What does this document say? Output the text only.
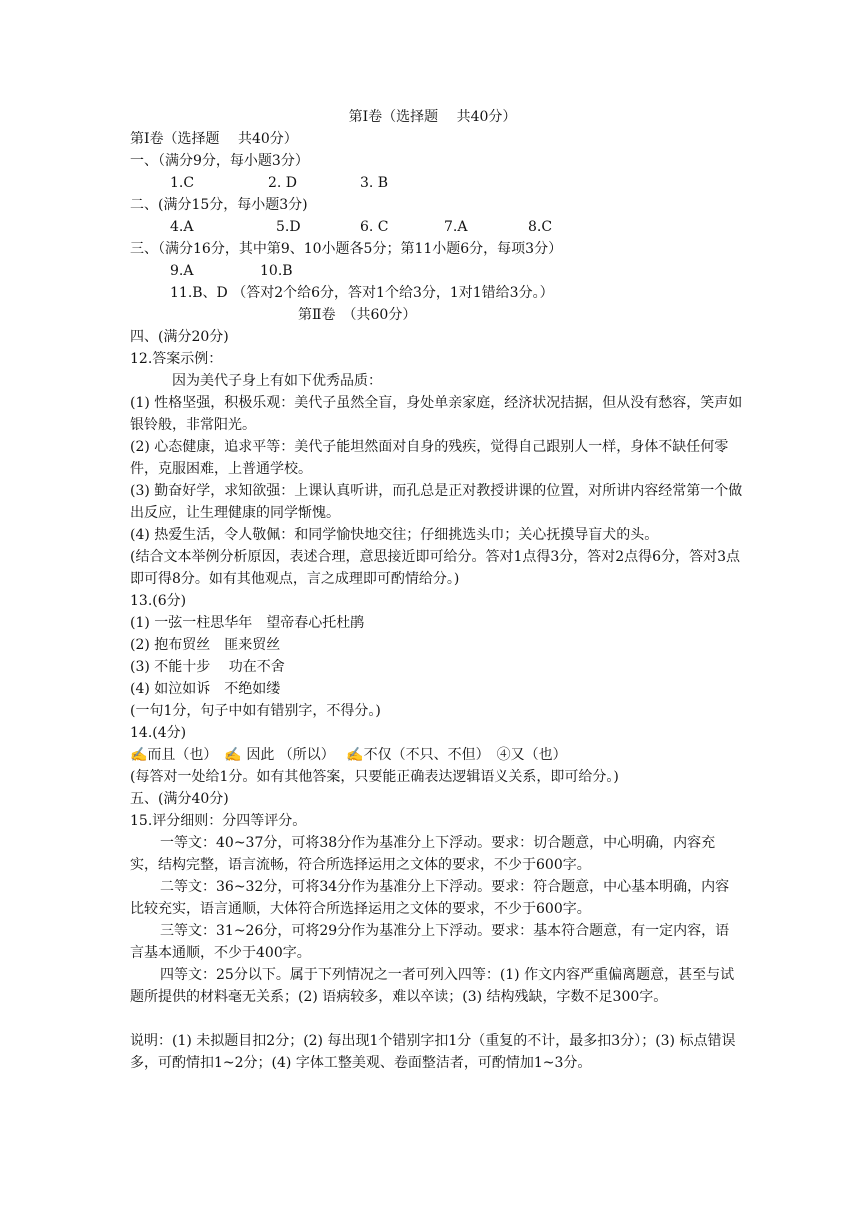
第Ⅰ卷（选择题　 共40分）
第Ⅰ卷（选择题　 共40分）
一、（满分9分，每小题3分）
1.C	2. D	3. B
二、(满分15分，每小题3分)
4.A	5.D	6. C	7.A	8.C
三、（满分16分，其中第9、10小题各5分；第11小题6分，每项3分）
9.A	10.B
11.B、D （答对2个给6分，答对1个给3分，1对1错给3分。）
第Ⅱ卷　（共60分）
四、(满分20分)
12.答案示例：
因为美代子身上有如下优秀品质：
(1) 性格坚强，积极乐观：美代子虽然全盲，身处单亲家庭，经济状况拮据，但从没有愁容，笑声如银铃般，非常阳光。
(2) 心态健康，追求平等：美代子能坦然面对自身的残疾，觉得自己跟别人一样，身体不缺任何零件，克服困难，上普通学校。
(3) 勤奋好学，求知欲强：上课认真听讲，而孔总是正对教授讲课的位置，对所讲内容经常第一个做出反应，让生理健康的同学惭愧。
(4) 热爱生活，令人敬佩：和同学愉快地交往；仔细挑选头巾；关心抚摸导盲犬的头。
(结合文本举例分析原因，表述合理，意思接近即可给分。答对1点得3分，答对2点得6分，答对3点即可得8分。如有其他观点，言之成理即可酌情给分。)
13.(6分)
(1) 一弦一柱思华年　望帝春心托杜鹃
(2) 抱布贸丝　匪来贸丝
(3) 不能十步　 功在不舍
(4) 如泣如诉　不绝如缕
(一句1分，句子中如有错别字，不得分。)
14.(4分)
✍而且（也）　✍ 因此 （所以）　 ✍不仅（不只、不但）　④又（也）
(每答对一处给1分。如有其他答案，只要能正确表达逻辑语义关系，即可给分。)
五、(满分40分)
15.评分细则：分四等评分。
一等文：40~37分，可将38分作为基准分上下浮动。要求：切合题意，中心明确，内容充实，结构完整，语言流畅，符合所选择运用之文体的要求，不少于600字。
二等文：36~32分，可将34分作为基准分上下浮动。要求：符合题意，中心基本明确，内容比较充实，语言通顺，大体符合所选择运用之文体的要求，不少于600字。
三等文：31~26分，可将29分作为基准分上下浮动。要求：基本符合题意，有一定内容，语言基本通顺，不少于400字。
四等文：25分以下。属于下列情况之一者可列入四等：(1) 作文内容严重偏离题意，甚至与试题所提供的材料毫无关系；(2) 语病较多，难以卒读；(3) 结构残缺，字数不足300字。
说明：(1) 未拟题目扣2分；(2) 每出现1个错别字扣1分（重复的不计，最多扣3分）；(3) 标点错误多，可酌情扣1~2分；(4) 字体工整美观、卷面整洁者，可酌情加1~3分。
